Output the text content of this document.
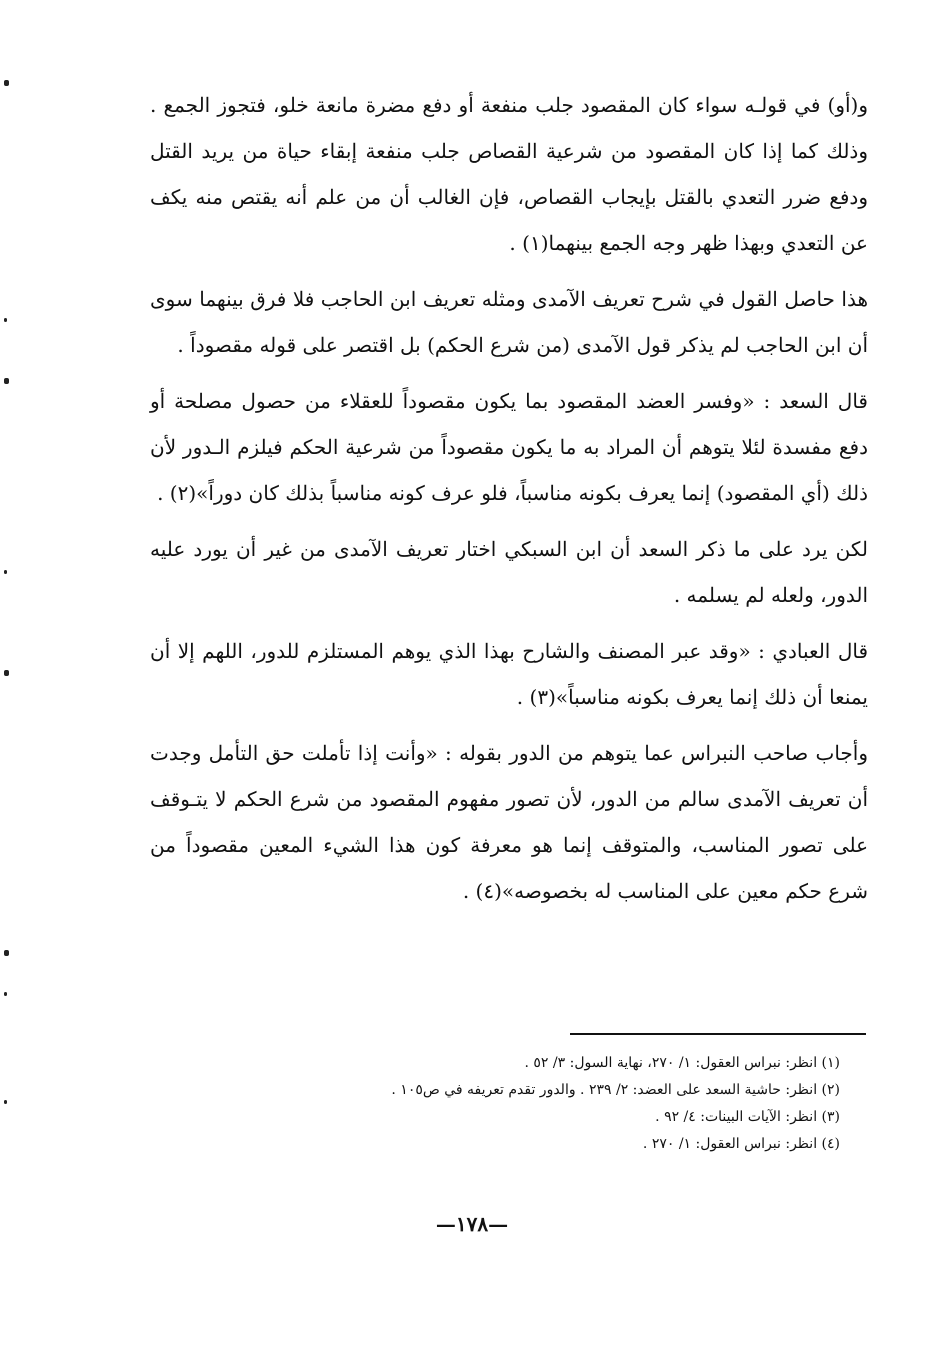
و(أو) في قولـه سواء كان المقصود جلب منفعة أو دفع مضرة مانعة خلو، فتجوز الجمع . وذلك كما إذا كان المقصود من شرعية القصاص جلب منفعة إبقاء حياة من يريد القتل ودفع ضرر التعدي بالقتل بإيجاب القصاص، فإن الغالب أن من علم أنه يقتص منه يكف عن التعدي وبهذا ظهر وجه الجمع بينهما(١) .

هذا حاصل القول في شرح تعريف الآمدى ومثله تعريف ابن الحاجب فلا فرق بينهما سوى أن ابن الحاجب لم يذكر قول الآمدى (من شرع الحكم) بل اقتصر على قوله مقصوداً .

قال السعد : «وفسر العضد المقصود بما يكون مقصوداً للعقلاء من حصول مصلحة أو دفع مفسدة لئلا يتوهم أن المراد به ما يكون مقصوداً من شرعية الحكم فيلزم الـدور لأن ذلك (أي المقصود) إنما يعرف بكونه مناسباً، فلو عرف كونه مناسباً بذلك كان دوراً»(٢) .

لكن يرد على ما ذكر السعد أن ابن السبكي اختار تعريف الآمدى من غير أن يورد عليه الدور، ولعله لم يسلمه .

قال العبادي : «وقد عبر المصنف والشارح بهذا الذي يوهم المستلزم للدور، اللهم إلا أن يمنعا أن ذلك إنما يعرف بكونه مناسباً»(٣) .

وأجاب صاحب النبراس عما يتوهم من الدور بقوله : «وأنت إذا تأملت حق التأمل وجدت أن تعريف الآمدى سالم من الدور، لأن تصور مفهوم المقصود من شرع الحكم لا يتـوقف على تصور المناسب، والمتوقف إنما هو معرفة كون هذا الشيء المعين مقصوداً من شرع حكم معين على المناسب له بخصوصه»(٤) .

(١) انظر: نبراس العقول: ١/ ٢٧٠، نهاية السول: ٣/ ٥٢ .

(٢) انظر: حاشية السعد على العضد: ٢/ ٢٣٩ . والدور تقدم تعريفه في ص١٠٥ .

(٣) انظر: الآيات البينات: ٤/ ٩٢ .

(٤) انظر: نبراس العقول: ١/ ٢٧٠ .

—١٧٨—
